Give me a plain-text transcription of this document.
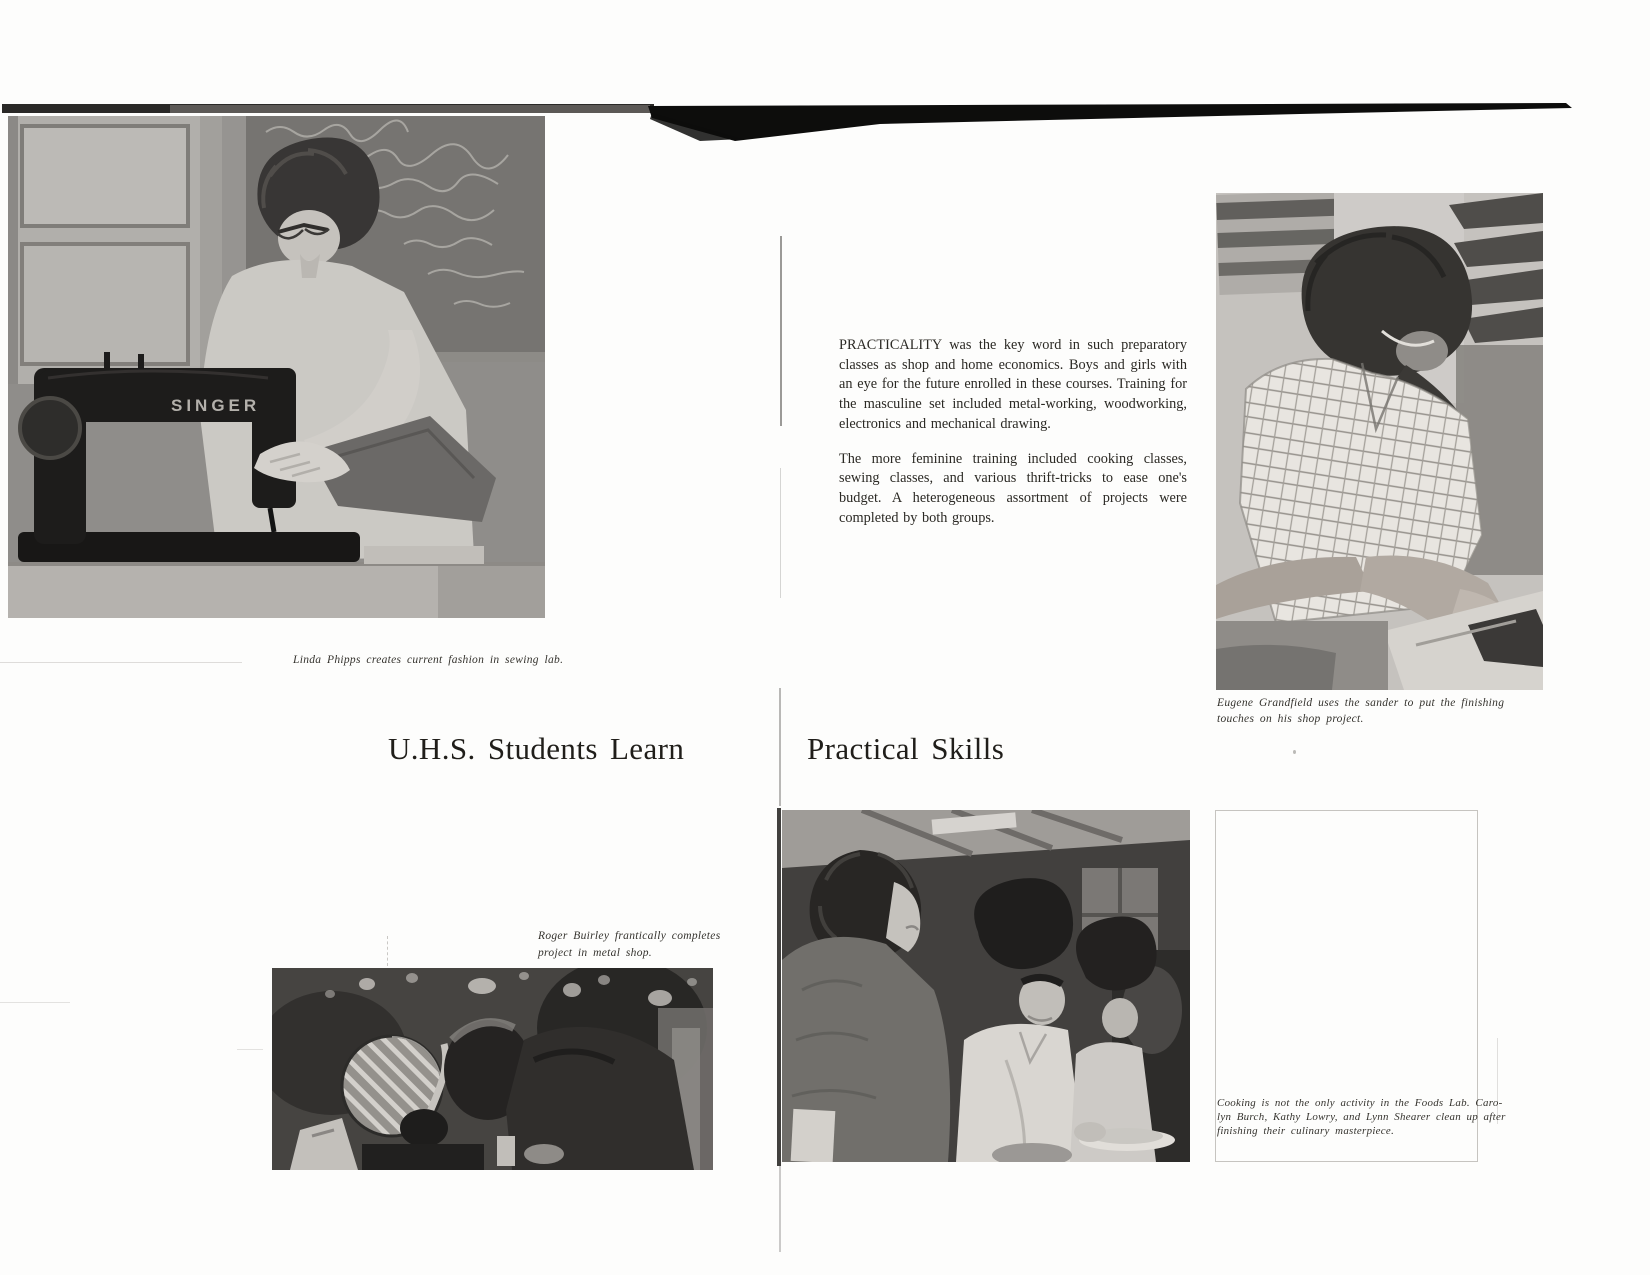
SINGER
Linda Phipps creates current fashion in sewing lab.

PRACTICALITY was the key word in such preparatory classes as shop and home economics. Boys and girls with an eye for the future enrolled in these courses. Training for the masculine set included metal-working, woodworking, electronics and mechanical drawing.

The more feminine training included cooking classes, sewing classes, and various thrift-tricks to ease one's budget. A heterogeneous assortment of projects were completed by both groups.

Eugene Grandfield uses the sander to put the finishing
touches on his shop project.
U.H.S. Students Learn	Practical Skills
Roger Buirley frantically completes
project in metal shop.
Cooking is not the only activity in the Foods Lab. Caro-
lyn Burch, Kathy Lowry, and Lynn Shearer clean up after
finishing their culinary masterpiece.
